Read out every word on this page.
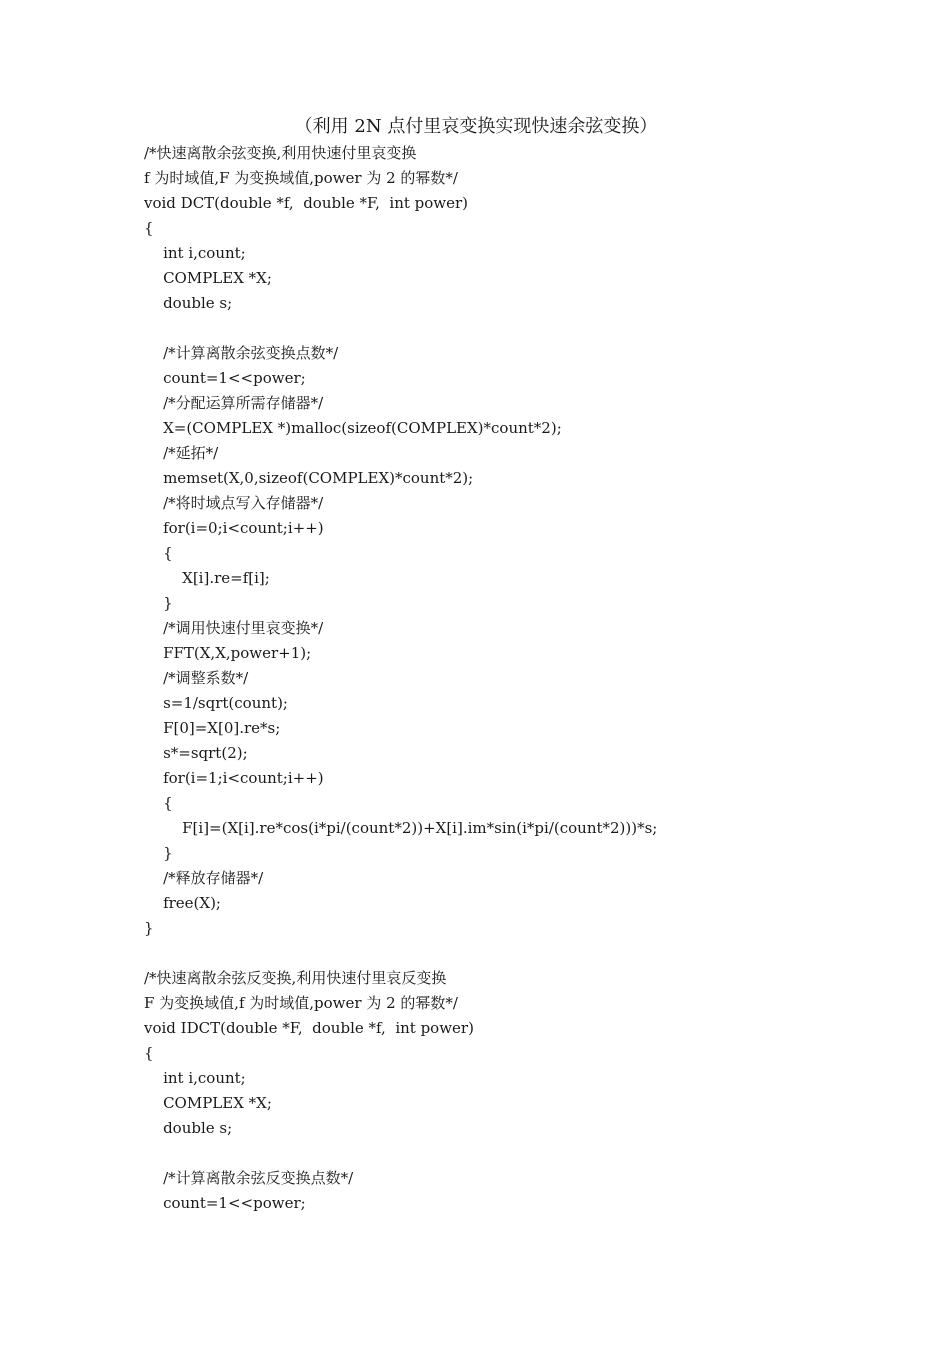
（利用 2N 点付里哀变换实现快速余弦变换）
/*快速离散余弦变换,利用快速付里哀变换
f 为时域值,F 为变换域值,power 为 2 的幂数*/
void DCT(double *f,  double *F,  int power)
{
int i,count;
COMPLEX *X;
double s;
/*计算离散余弦变换点数*/
count=1<<power;
/*分配运算所需存储器*/
X=(COMPLEX *)malloc(sizeof(COMPLEX)*count*2);
/*延拓*/
memset(X,0,sizeof(COMPLEX)*count*2);
/*将时域点写入存储器*/
for(i=0;i<count;i++)
{
X[i].re=f[i];
}
/*调用快速付里哀变换*/
FFT(X,X,power+1);
/*调整系数*/
s=1/sqrt(count);
F[0]=X[0].re*s;
s*=sqrt(2);
for(i=1;i<count;i++)
{
F[i]=(X[i].re*cos(i*pi/(count*2))+X[i].im*sin(i*pi/(count*2)))*s;
}
/*释放存储器*/
free(X);
}
/*快速离散余弦反变换,利用快速付里哀反变换
F 为变换域值,f 为时域值,power 为 2 的幂数*/
void IDCT(double *F,  double *f,  int power)
{
int i,count;
COMPLEX *X;
double s;
/*计算离散余弦反变换点数*/
count=1<<power;
